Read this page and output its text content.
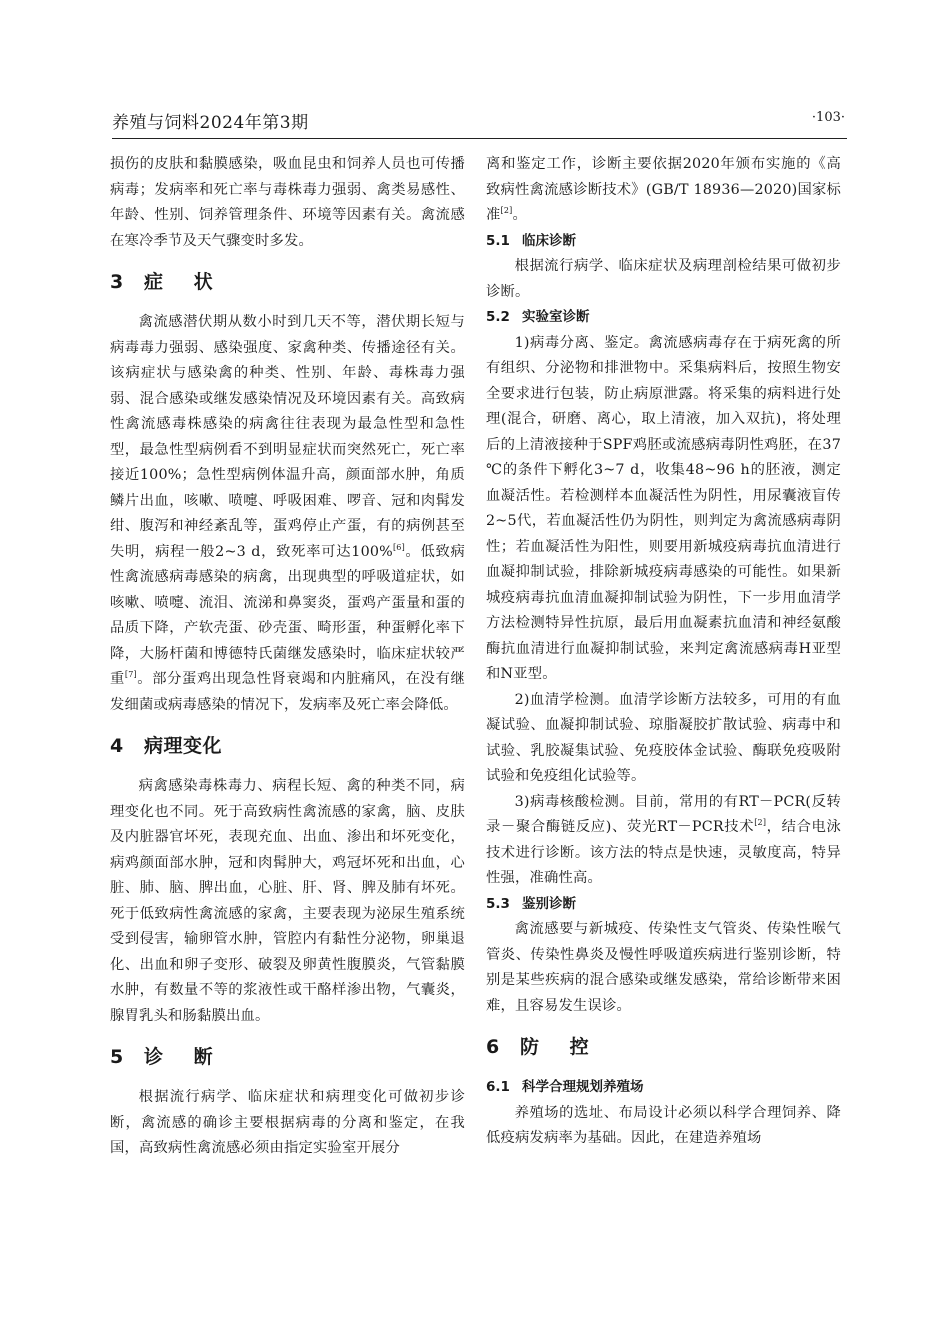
养殖与饲料2024年第3期	·103·

损伤的皮肤和黏膜感染，吸血昆虫和饲养人员也可传播病毒；发病率和死亡率与毒株毒力强弱、禽类易感性、年龄、性别、饲养管理条件、环境等因素有关。禽流感在寒冷季节及天气骤变时多发。

3 症 状

禽流感潜伏期从数小时到几天不等，潜伏期长短与病毒毒力强弱、感染强度、家禽种类、传播途径有关。该病症状与感染禽的种类、性别、年龄、毒株毒力强弱、混合感染或继发感染情况及环境因素有关。高致病性禽流感毒株感染的病禽往往表现为最急性型和急性型，最急性型病例看不到明显症状而突然死亡，死亡率接近100%；急性型病例体温升高，颜面部水肿，角质鳞片出血，咳嗽、喷嚏、呼吸困难、啰音、冠和肉髯发绀、腹泻和神经紊乱等，蛋鸡停止产蛋，有的病例甚至失明，病程一般2~3 d，致死率可达100%[6]。低致病性禽流感病毒感染的病禽，出现典型的呼吸道症状，如咳嗽、喷嚏、流泪、流涕和鼻窦炎，蛋鸡产蛋量和蛋的品质下降，产软壳蛋、砂壳蛋、畸形蛋，种蛋孵化率下降，大肠杆菌和博德特氏菌继发感染时，临床症状较严重[7]。部分蛋鸡出现急性肾衰竭和内脏痛风，在没有继发细菌或病毒感染的情况下，发病率及死亡率会降低。

4 病理变化

病禽感染毒株毒力、病程长短、禽的种类不同，病理变化也不同。死于高致病性禽流感的家禽，脑、皮肤及内脏器官坏死，表现充血、出血、渗出和坏死变化，病鸡颜面部水肿，冠和肉髯肿大，鸡冠坏死和出血，心脏、肺、脑、脾出血，心脏、肝、肾、脾及肺有坏死。死于低致病性禽流感的家禽，主要表现为泌尿生殖系统受到侵害，输卵管水肿，管腔内有黏性分泌物，卵巢退化、出血和卵子变形、破裂及卵黄性腹膜炎，气管黏膜水肿，有数量不等的浆液性或干酪样渗出物，气囊炎，腺胃乳头和肠黏膜出血。

5 诊 断

根据流行病学、临床症状和病理变化可做初步诊断，禽流感的确诊主要根据病毒的分离和鉴定，在我国，高致病性禽流感必须由指定实验室开展分

离和鉴定工作，诊断主要依据2020年颁布实施的《高致病性禽流感诊断技术》(GB/T 18936—2020)国家标准[2]。

5.1 临床诊断

根据流行病学、临床症状及病理剖检结果可做初步诊断。

5.2 实验室诊断

1)病毒分离、鉴定。禽流感病毒存在于病死禽的所有组织、分泌物和排泄物中。采集病料后，按照生物安全要求进行包装，防止病原泄露。将采集的病料进行处理(混合，研磨、离心，取上清液，加入双抗)，将处理后的上清液接种于SPF鸡胚或流感病毒阴性鸡胚，在37 ℃的条件下孵化3~7 d，收集48~96 h的胚液，测定血凝活性。若检测样本血凝活性为阴性，用尿囊液盲传2~5代，若血凝活性仍为阴性，则判定为禽流感病毒阴性；若血凝活性为阳性，则要用新城疫病毒抗血清进行血凝抑制试验，排除新城疫病毒感染的可能性。如果新城疫病毒抗血清血凝抑制试验为阴性，下一步用血清学方法检测特异性抗原，最后用血凝素抗血清和神经氨酸酶抗血清进行血凝抑制试验，来判定禽流感病毒H亚型和N亚型。

2)血清学检测。血清学诊断方法较多，可用的有血凝试验、血凝抑制试验、琼脂凝胶扩散试验、病毒中和试验、乳胶凝集试验、免疫胶体金试验、酶联免疫吸附试验和免疫组化试验等。

3)病毒核酸检测。目前，常用的有RT－PCR(反转录－聚合酶链反应)、荧光RT－PCR技术[2]，结合电泳技术进行诊断。该方法的特点是快速，灵敏度高，特异性强，准确性高。

5.3 鉴别诊断

禽流感要与新城疫、传染性支气管炎、传染性喉气管炎、传染性鼻炎及慢性呼吸道疾病进行鉴别诊断，特别是某些疾病的混合感染或继发感染，常给诊断带来困难，且容易发生误诊。

6 防 控
6.1 科学合理规划养殖场

养殖场的选址、布局设计必须以科学合理饲养、降低疫病发病率为基础。因此，在建造养殖场
